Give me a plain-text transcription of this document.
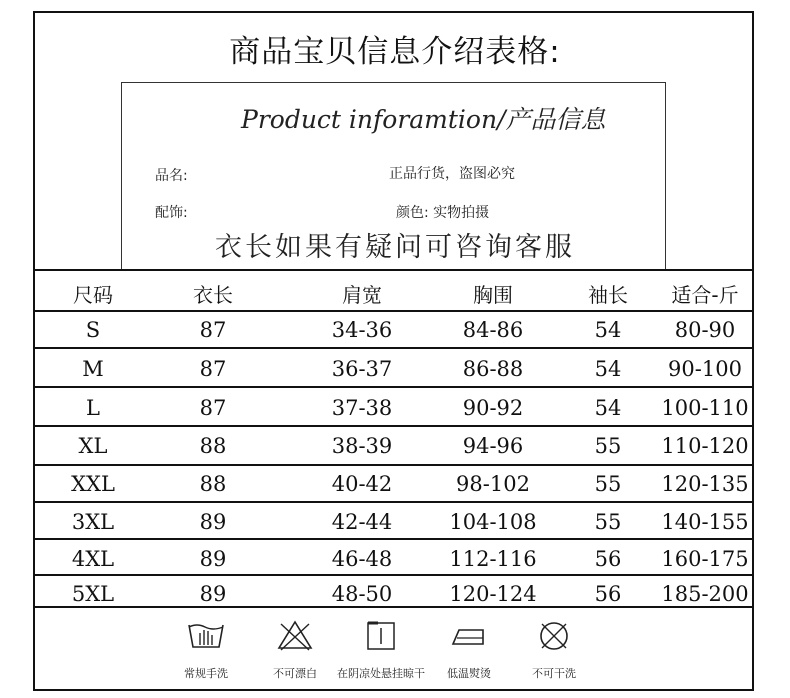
商品宝贝信息介绍表格:
Product inforamtion/产品信息
品名:	正品行货，盗图必究
配饰:	颜色: 实物拍摄
衣长如果有疑问可咨询客服
尺码	衣长	肩宽	胸围	袖长	适合-斤
S	87	34-36	84-86	54	80-90
M	87	36-37	86-88	54	90-100
L	87	37-38	90-92	54	100-110
XL	88	38-39	94-96	55	110-120
XXL	88	40-42	98-102	55	120-135
3XL	89	42-44	104-108	55	140-155
4XL	89	46-48	112-116	56	160-175
5XL	89	48-50	120-124	56	185-200
常规手洗	不可漂白	在阴凉处悬挂晾干	低温熨烫	不可干洗
